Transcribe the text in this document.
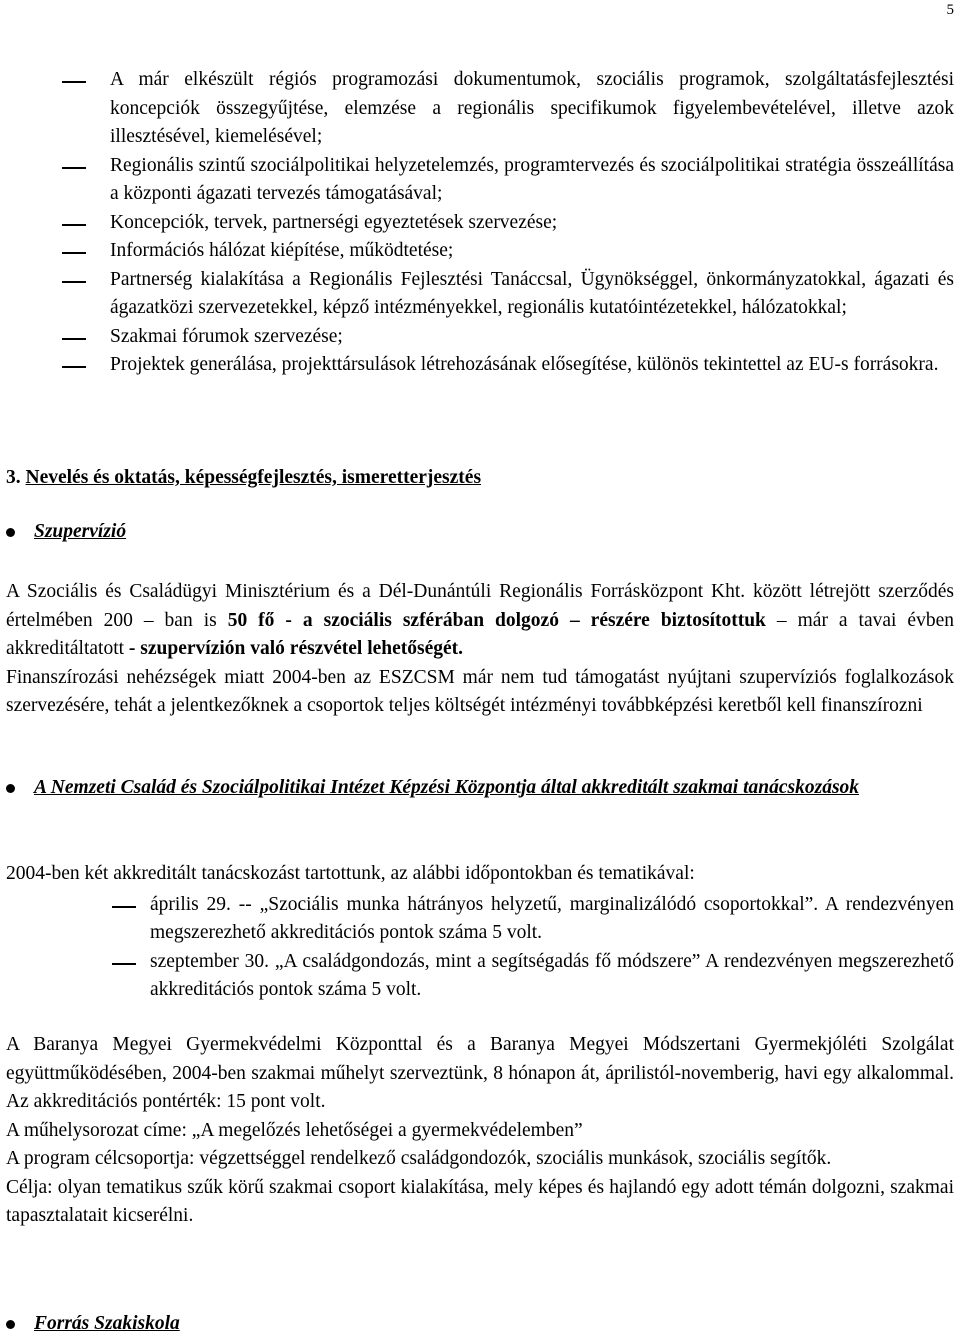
5
A már elkészült régiós programozási dokumentumok, szociális programok, szolgáltatásfejlesztési koncepciók összegyűjtése, elemzése a regionális specifikumok figyelembevételével, illetve azok illesztésével, kiemelésével;
Regionális szintű szociálpolitikai helyzetelemzés, programtervezés és szociálpolitikai stratégia összeállítása a központi ágazati tervezés támogatásával;
Koncepciók, tervek, partnerségi egyeztetések szervezése;
Információs hálózat kiépítése, működtetése;
Partnerség kialakítása a Regionális Fejlesztési Tanáccsal, Ügynökséggel, önkormányzatokkal, ágazati és ágazatközi szervezetekkel, képző intézményekkel, regionális kutatóintézetekkel, hálózatokkal;
Szakmai fórumok szervezése;
Projektek generálása, projekttársulások létrehozásának elősegítése, különös tekintettel az EU-s forrásokra.
3. Nevelés és oktatás, képességfejlesztés, ismeretterjesztés
Szupervízió

A Szociális és Családügyi Minisztérium és a Dél-Dunántúli Regionális Forrásközpont Kht. között létrejött szerződés értelmében 200 – ban is 50 fő - a szociális szférában dolgozó – részére biztosítottuk – már a tavai évben akkreditáltatott - szupervízión való részvétel lehetőségét.

Finanszírozási nehézségek miatt 2004-ben az ESZCSM már nem tud támogatást nyújtani szupervíziós foglalkozások szervezésére, tehát a jelentkezőknek a csoportok teljes költségét intézményi továbbképzési keretből kell finanszírozni

A Nemzeti Család és Szociálpolitikai Intézet Képzési Központja által akkreditált szakmai tanácskozások

2004-ben két akkreditált tanácskozást tartottunk, az alábbi időpontokban és tematikával:

április 29. -- „Szociális munka hátrányos helyzetű, marginalizálódó csoportokkal”. A rendezvényen megszerezhető akkreditációs pontok száma 5 volt.
szeptember 30. „A családgondozás, mint a segítségadás fő módszere” A rendezvényen megszerezhető akkreditációs pontok száma 5 volt.

A Baranya Megyei Gyermekvédelmi Központtal és a Baranya Megyei Módszertani Gyermekjóléti Szolgálat együttműködésében, 2004-ben szakmai műhelyt szerveztünk, 8 hónapon át, áprilistól-novemberig, havi egy alkalommal. Az akkreditációs pontérték: 15 pont volt.

A műhelysorozat címe: „A megelőzés lehetőségei a gyermekvédelemben”

A program célcsoportja: végzettséggel rendelkező családgondozók, szociális munkások, szociális segítők.

Célja: olyan tematikus szűk körű szakmai csoport kialakítása, mely képes és hajlandó egy adott témán dolgozni, szakmai tapasztalatait kicserélni.

Forrás Szakiskola
